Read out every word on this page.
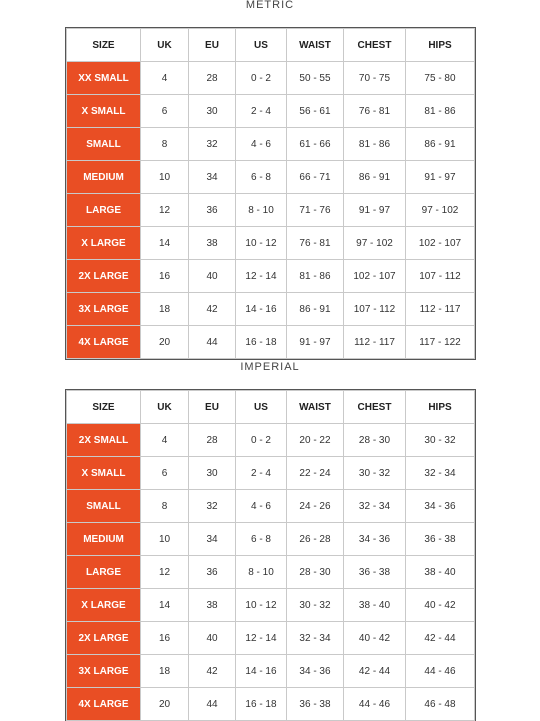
METRIC
SIZE	UK	EU	US	WAIST	CHEST	HIPS
XX SMALL	4	28	0 - 2	50 - 55	70 - 75	75 - 80
X SMALL	6	30	2 - 4	56 - 61	76 - 81	81 - 86
SMALL	8	32	4 - 6	61 - 66	81 - 86	86 - 91
MEDIUM	10	34	6 - 8	66 - 71	86 - 91	91 - 97
LARGE	12	36	8 - 10	71 - 76	91 - 97	97 - 102
X LARGE	14	38	10 - 12	76 - 81	97 - 102	102 - 107
2X LARGE	16	40	12 - 14	81 - 86	102 - 107	107 - 112
3X LARGE	18	42	14 - 16	86 - 91	107 - 112	112 - 117
4X LARGE	20	44	16 - 18	91 - 97	112 - 117	117 - 122
IMPERIAL
SIZE	UK	EU	US	WAIST	CHEST	HIPS
2X SMALL	4	28	0 - 2	20 - 22	28 - 30	30 - 32
X SMALL	6	30	2 - 4	22 - 24	30 - 32	32 - 34
SMALL	8	32	4 - 6	24 - 26	32 - 34	34 - 36
MEDIUM	10	34	6 - 8	26 - 28	34 - 36	36 - 38
LARGE	12	36	8 - 10	28 - 30	36 - 38	38 - 40
X LARGE	14	38	10 - 12	30 - 32	38 - 40	40 - 42
2X LARGE	16	40	12 - 14	32 - 34	40 - 42	42 - 44
3X LARGE	18	42	14 - 16	34 - 36	42 - 44	44 - 46
4X LARGE	20	44	16 - 18	36 - 38	44 - 46	46 - 48
